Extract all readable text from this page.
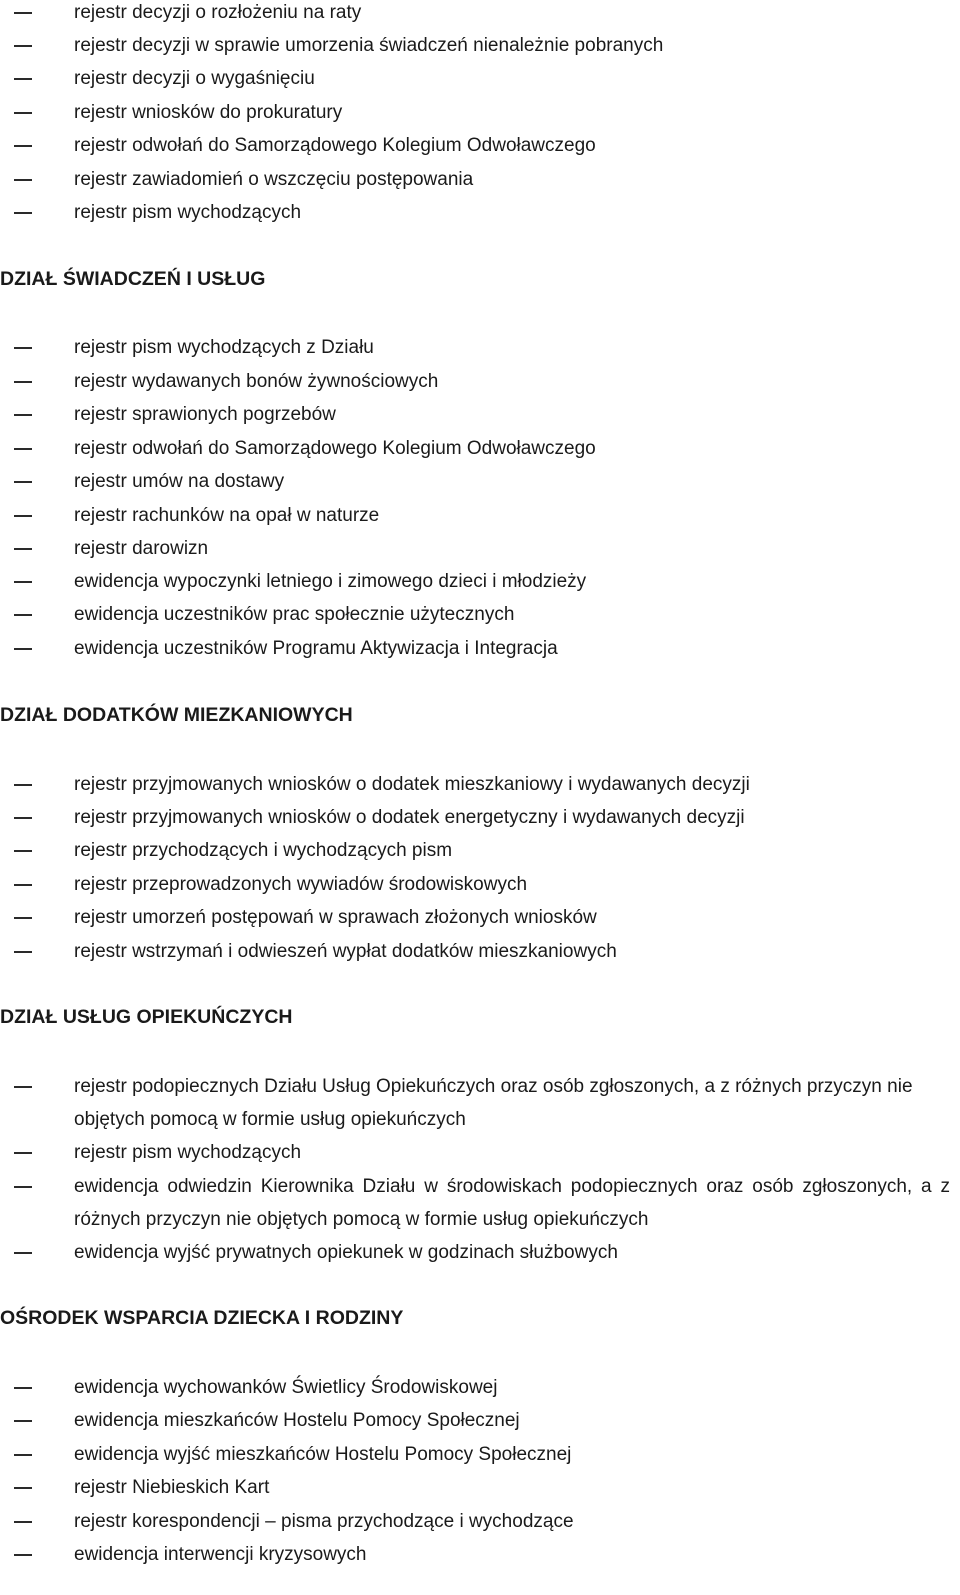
rejestr decyzji o rozłożeniu na raty
rejestr decyzji w sprawie umorzenia świadczeń nienależnie pobranych
rejestr decyzji o wygaśnięciu
rejestr wniosków do prokuratury
rejestr odwołań do Samorządowego Kolegium Odwoławczego
rejestr zawiadomień o wszczęciu postępowania
rejestr pism wychodzących
DZIAŁ ŚWIADCZEŃ I USŁUG
rejestr pism wychodzących z Działu
rejestr wydawanych bonów żywnościowych
rejestr sprawionych pogrzebów
rejestr odwołań do Samorządowego Kolegium Odwoławczego
rejestr umów na dostawy
rejestr rachunków na opał w naturze
rejestr darowizn
ewidencja wypoczynki letniego i zimowego dzieci i młodzieży
ewidencja uczestników prac społecznie użytecznych
ewidencja uczestników Programu Aktywizacja i Integracja
DZIAŁ DODATKÓW MIEZKANIOWYCH
rejestr przyjmowanych wniosków o dodatek mieszkaniowy i wydawanych decyzji
rejestr przyjmowanych wniosków o dodatek energetyczny i wydawanych decyzji
rejestr przychodzących i wychodzących pism
rejestr przeprowadzonych wywiadów środowiskowych
rejestr umorzeń postępowań w sprawach złożonych wniosków
rejestr wstrzymań i odwieszeń wypłat dodatków mieszkaniowych
DZIAŁ USŁUG OPIEKUŃCZYCH
rejestr podopiecznych Działu Usług Opiekuńczych oraz osób zgłoszonych, a z różnych przyczyn nie objętych pomocą w formie usług opiekuńczych
rejestr pism wychodzących
ewidencja odwiedzin Kierownika Działu w środowiskach podopiecznych oraz osób zgłoszonych, a z różnych przyczyn nie objętych pomocą w formie usług opiekuńczych
ewidencja wyjść prywatnych opiekunek w godzinach służbowych
OŚRODEK WSPARCIA DZIECKA I RODZINY
ewidencja wychowanków Świetlicy Środowiskowej
ewidencja mieszkańców Hostelu Pomocy Społecznej
ewidencja wyjść mieszkańców Hostelu Pomocy Społecznej
rejestr Niebieskich Kart
rejestr korespondencji – pisma przychodzące i wychodzące
ewidencja interwencji kryzysowych
